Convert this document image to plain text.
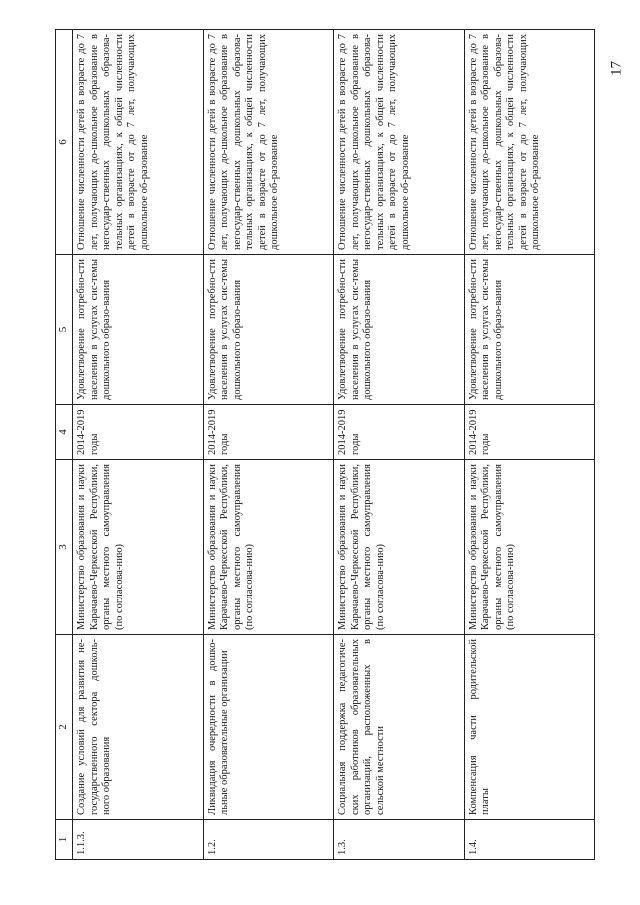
17
1	2	3	4	5	6
1.1.3.	Создание условий для развития не-государственного сектора дошколь-ного образования	Министерство образования и науки Карачаево-Черкесской Республики, органы местного самоуправления (по согласова-нию)	2014-2019 годы	Удовлетворение потребно-сти населения в услугах сис-темы дошкольного образо-вания	Отношение численности детей в возрасте до 7 лет, получающих до-школьное образование в негосудар-ственных дошкольных образова-тельных организациях, к общей численности детей в возрасте от до 7 лет, получающих дошкольное об-разование
1.2.	Ликвидация очередности в дошко-льные образовательные организации	Министерство образования и науки Карачаево-Черкесской Республики, органы местного самоуправления (по согласова-нию)	2014-2019 годы	Удовлетворение потребно-сти населения в услугах сис-темы дошкольного образо-вания	Отношение численности детей в возрасте до 7 лет, получающих до-школьное образование в негосудар-ственных дошкольных образова-тельных организациях, к общей численности детей в возрасте от до 7 лет, получающих дошкольное об-разование
1.3.	Социальная поддержка педагогиче-ских работников образовательных организаций, расположенных в сельской местности	Министерство образования и науки Карачаево-Черкесской Республики, органы местного самоуправления (по согласова-нию)	2014-2019 годы	Удовлетворение потребно-сти населения в услугах сис-темы дошкольного образо-вания	Отношение численности детей в возрасте до 7 лет, получающих до-школьное образование в негосудар-ственных дошкольных образова-тельных организациях, к общей численности детей в возрасте от до 7 лет, получающих дошкольное об-разование
1.4.	Компенсация части родительской платы	Министерство образования и науки Карачаево-Черкесской Республики, органы местного самоуправления (по согласова-нию)	2014-2019 годы	Удовлетворение потребно-сти населения в услугах сис-темы дошкольного образо-вания	Отношение численности детей в возрасте до 7 лет, получающих до-школьное образование в негосудар-ственных дошкольных образова-тельных организациях, к общей численности детей в возрасте от до 7 лет, получающих дошкольное об-разование
